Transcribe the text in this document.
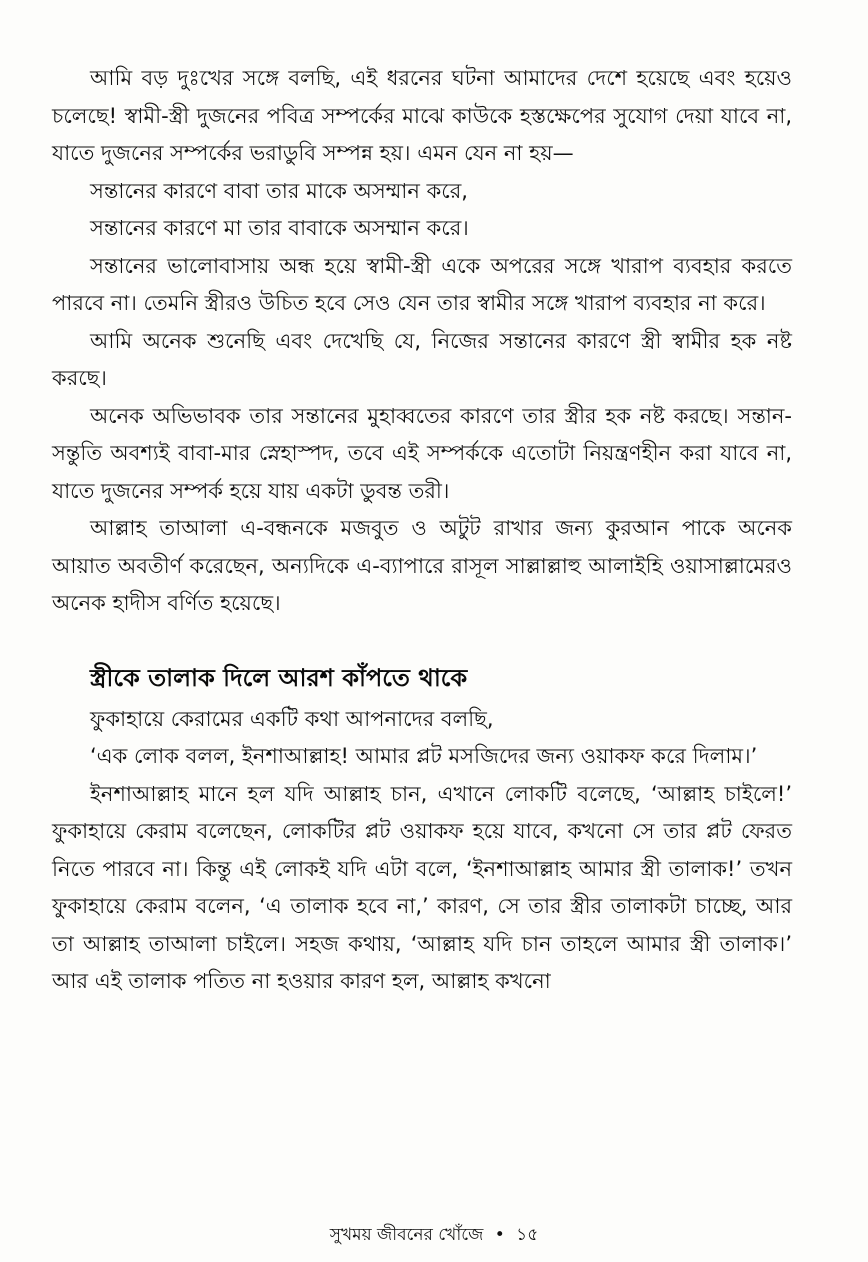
আমি বড় দুঃখের সঙ্গে বলছি, এই ধরনের ঘটনা আমাদের দেশে হয়েছে এবং হয়েও চলেছে! স্বামী-স্ত্রী দুজনের পবিত্র সম্পর্কের মাঝে কাউকে হস্তক্ষেপের সুযোগ দেয়া যাবে না, যাতে দুজনের সম্পর্কের ভরাডুবি সম্পন্ন হয়। এমন যেন না হয়—

সন্তানের কারণে বাবা তার মাকে অসম্মান করে,

সন্তানের কারণে মা তার বাবাকে অসম্মান করে।

সন্তানের ভালোবাসায় অন্ধ হয়ে স্বামী-স্ত্রী একে অপরের সঙ্গে খারাপ ব্যবহার করতে পারবে না। তেমনি স্ত্রীরও উচিত হবে সেও যেন তার স্বামীর সঙ্গে খারাপ ব্যবহার না করে।

আমি অনেক শুনেছি এবং দেখেছি যে, নিজের সন্তানের কারণে স্ত্রী স্বামীর হক নষ্ট করছে।

অনেক অভিভাবক তার সন্তানের মুহাব্বতের কারণে তার স্ত্রীর হক নষ্ট করছে। সন্তান-সন্তুতি অবশ্যই বাবা-মার স্নেহাস্পদ, তবে এই সম্পর্ককে এতোটা নিয়ন্ত্রণহীন করা যাবে না, যাতে দুজনের সম্পর্ক হয়ে যায় একটা ডুবন্ত তরী।

আল্লাহ তাআলা এ-বন্ধনকে মজবুত ও অটুট রাখার জন্য কুরআন পাকে অনেক আয়াত অবতীর্ণ করেছেন, অন্যদিকে এ-ব্যাপারে রাসূল সাল্লাল্লাহু আলাইহি ওয়াসাল্লামেরও অনেক হাদীস বর্ণিত হয়েছে।

স্ত্রীকে তালাক দিলে আরশ কাঁপতে থাকে

ফুকাহায়ে কেরামের একটি কথা আপনাদের বলছি,

‘এক লোক বলল, ইনশাআল্লাহ! আমার প্লট মসজিদের জন্য ওয়াকফ করে দিলাম।’

ইনশাআল্লাহ মানে হল যদি আল্লাহ চান, এখানে লোকটি বলেছে, ‘আল্লাহ চাইলে!’ ফুকাহায়ে কেরাম বলেছেন, লোকটির প্লট ওয়াকফ হয়ে যাবে, কখনো সে তার প্লট ফেরত নিতে পারবে না। কিন্তু এই লোকই যদি এটা বলে, ‘ইনশাআল্লাহ আমার স্ত্রী তালাক!’ তখন ফুকাহায়ে কেরাম বলেন, ‘এ তালাক হবে না,’ কারণ, সে তার স্ত্রীর তালাকটা চাচ্ছে, আর তা আল্লাহ তাআলা চাইলে। সহজ কথায়, ‘আল্লাহ যদি চান তাহলে আমার স্ত্রী তালাক।’ আর এই তালাক পতিত না হওয়ার কারণ হল, আল্লাহ কখনো

সুখময় জীবনের খোঁজে • ১৫
